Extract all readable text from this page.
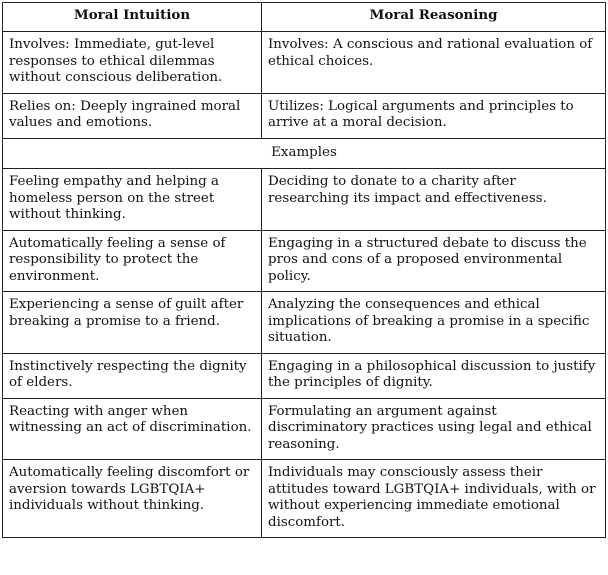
Moral Intuition	Moral Reasoning
Involves: Immediate, gut-level responses to ethical dilemmas without conscious deliberation.	Involves: A conscious and rational evaluation of ethical choices.
Relies on: Deeply ingrained moral values and emotions.	Utilizes: Logical arguments and principles to arrive at a moral decision.
Examples	
Feeling empathy and helping a homeless person on the street without thinking.	Deciding to donate to a charity after researching its impact and effectiveness.
Automatically feeling a sense of responsibility to protect the environment.	Engaging in a structured debate to discuss the pros and cons of a proposed environmental policy.
Experiencing a sense of guilt after breaking a promise to a friend.	Analyzing the consequences and ethical implications of breaking a promise in a specific situation.
Instinctively respecting the dignity of elders.	Engaging in a philosophical discussion to justify the principles of dignity.
Reacting with anger when witnessing an act of discrimination.	Formulating an argument against discriminatory practices using legal and ethical reasoning.
Automatically feeling discomfort or aversion towards LGBTQIA+ individuals without thinking.	Individuals may consciously assess their attitudes toward LGBTQIA+ individuals, with or without experiencing immediate emotional discomfort.
